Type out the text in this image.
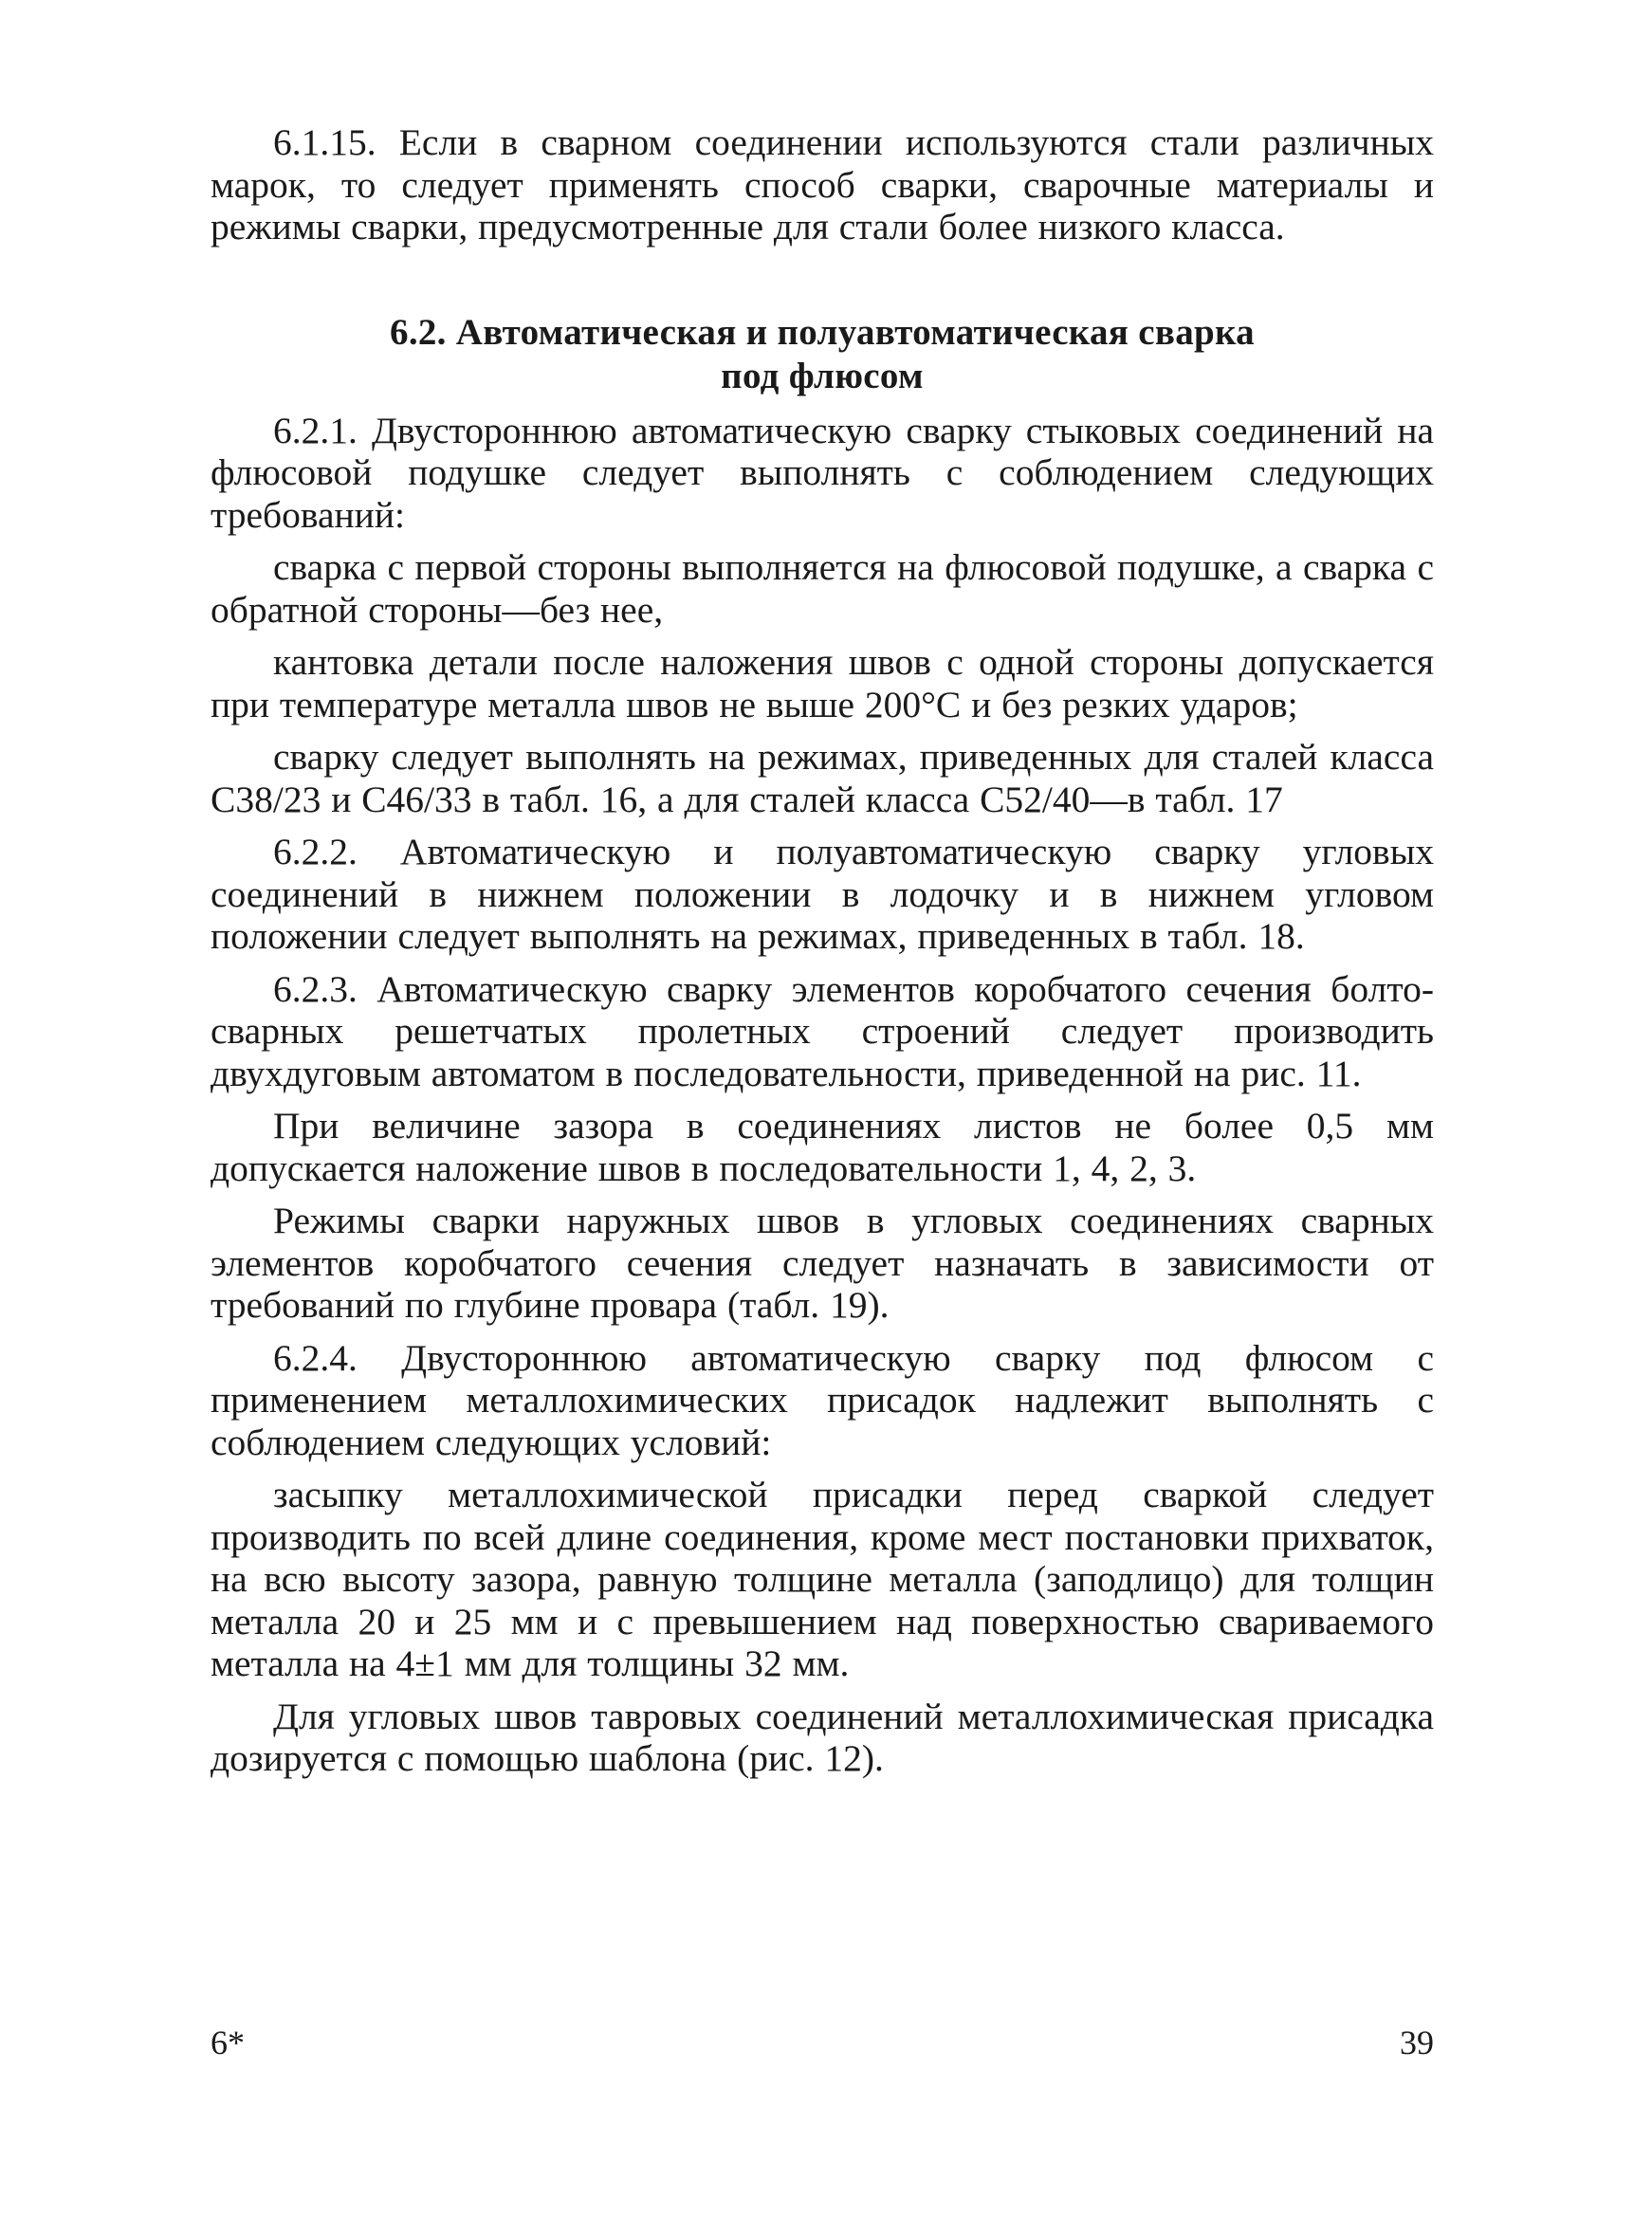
6.1.15. Если в сварном соединении используются стали различных марок, то следует применять способ сварки, сварочные материалы и режимы сварки, предусмотренные для стали более низкого класса.

6.2. Автоматическая и полуавтоматическая сварка
под флюсом

6.2.1. Двустороннюю автоматическую сварку стыковых соединений на флюсовой подушке следует выполнять с соблюдением следующих требований:

сварка с первой стороны выполняется на флюсовой подушке, а сварка с обратной стороны—без нее,

кантовка детали после наложения швов с одной стороны допускается при температуре металла швов не выше 200°С и без резких ударов;

сварку следует выполнять на режимах, приведенных для сталей класса С38/23 и С46/33 в табл. 16, а для сталей класса С52/40—в табл. 17

6.2.2. Автоматическую и полуавтоматическую сварку угловых соединений в нижнем положении в лодочку и в нижнем угловом положении следует выполнять на режимах, приведенных в табл. 18.

6.2.3. Автоматическую сварку элементов коробчатого сечения болто-сварных решетчатых пролетных строений следует производить двухдуговым автоматом в последовательности, приведенной на рис. 11.

При величине зазора в соединениях листов не более 0,5 мм допускается наложение швов в последовательности 1, 4, 2, 3.

Режимы сварки наружных швов в угловых соединениях сварных элементов коробчатого сечения следует назначать в зависимости от требований по глубине провара (табл. 19).

6.2.4. Двустороннюю автоматическую сварку под флюсом с применением металлохимических присадок надлежит выполнять с соблюдением следующих условий:

засыпку металлохимической присадки перед сваркой следует производить по всей длине соединения, кроме мест постановки прихваток, на всю высоту зазора, равную толщине металла (заподлицо) для толщин металла 20 и 25 мм и с превышением над поверхностью свариваемого металла на 4±1 мм для толщины 32 мм.

Для угловых швов тавровых соединений металлохимическая присадка дозируется с помощью шаблона (рис. 12).

6*	39
